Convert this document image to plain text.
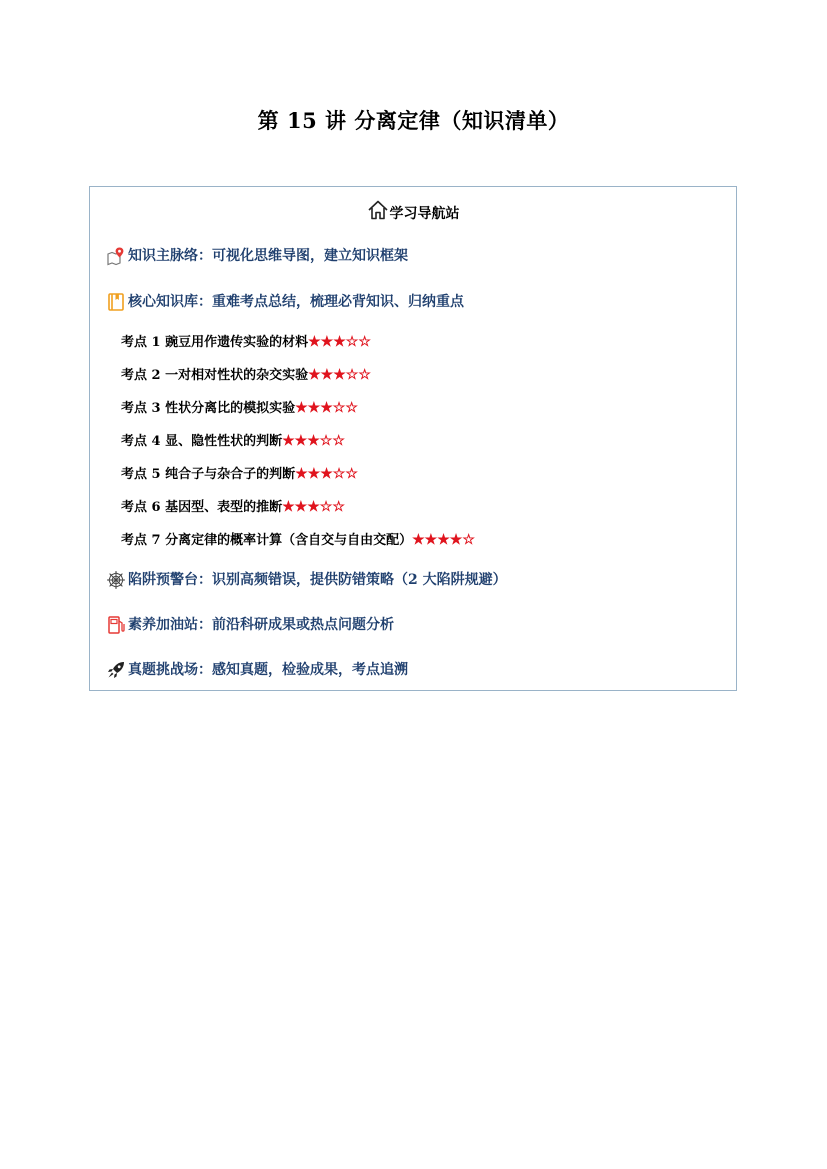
第 15 讲 分离定律（知识清单）
学习导航站
知识主脉络：可视化思维导图，建立知识框架
核心知识库：重难考点总结，梳理必背知识、归纳重点
考点 1 豌豆用作遗传实验的材料★★★☆☆
考点 2 一对相对性状的杂交实验★★★☆☆
考点 3 性状分离比的模拟实验★★★☆☆
考点 4 显、隐性性状的判断★★★☆☆
考点 5 纯合子与杂合子的判断★★★☆☆
考点 6 基因型、表型的推断★★★☆☆
考点 7 分离定律的概率计算（含自交与自由交配）★★★★☆
陷阱预警台：识别高频错误，提供防错策略（2 大陷阱规避）
素养加油站：前沿科研成果或热点问题分析
真题挑战场：感知真题，检验成果，考点追溯
